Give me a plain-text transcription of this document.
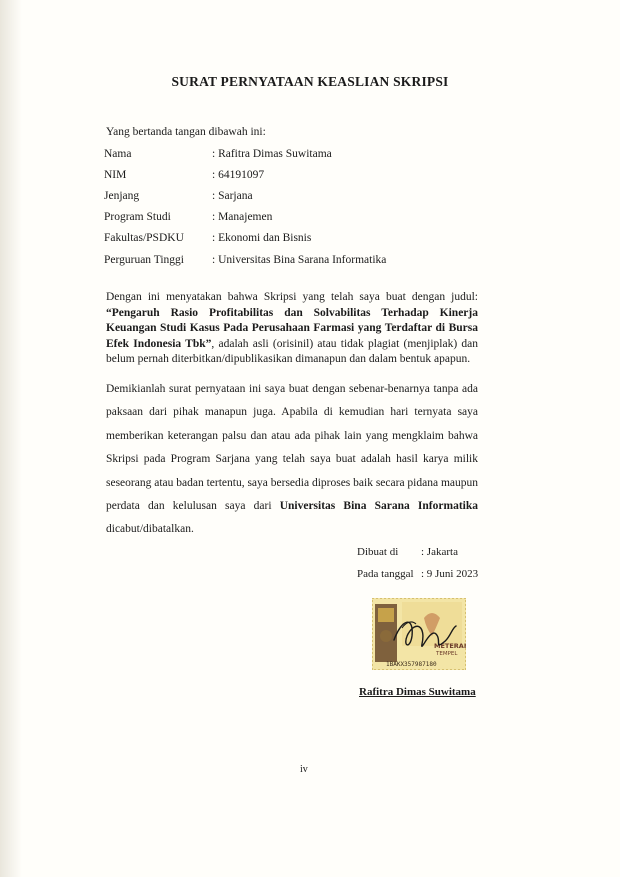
SURAT PERNYATAAN KEASLIAN SKRIPSI
Yang bertanda tangan dibawah ini:
Nama	: Rafitra Dimas Suwitama
NIM	: 64191097
Jenjang	: Sarjana
Program Studi	: Manajemen
Fakultas/PSDKU	: Ekonomi dan Bisnis
Perguruan Tinggi	: Universitas Bina Sarana Informatika
Dengan ini menyatakan bahwa Skripsi yang telah saya buat dengan judul: “Pengaruh Rasio Profitabilitas dan Solvabilitas Terhadap Kinerja Keuangan Studi Kasus Pada Perusahaan Farmasi yang Terdaftar di Bursa Efek Indonesia Tbk”, adalah asli (orisinil) atau tidak plagiat (menjiplak) dan belum pernah diterbitkan/dipublikasikan dimanapun dan dalam bentuk apapun.
Demikianlah surat pernyataan ini saya buat dengan sebenar-benarnya tanpa ada paksaan dari pihak manapun juga. Apabila di kemudian hari ternyata saya memberikan keterangan palsu dan atau ada pihak lain yang mengklaim bahwa Skripsi pada Program Sarjana yang telah saya buat adalah hasil karya milik seseorang atau badan tertentu, saya bersedia diproses baik secara pidana maupun perdata dan kelulusan saya dari Universitas Bina Sarana Informatika dicabut/dibatalkan.
Dibuat di	: Jakarta
Pada tanggal	: 9 Juni 2023
METERAI
TEMPEL
1BAKX357987180
Rafitra Dimas Suwitama
iv
